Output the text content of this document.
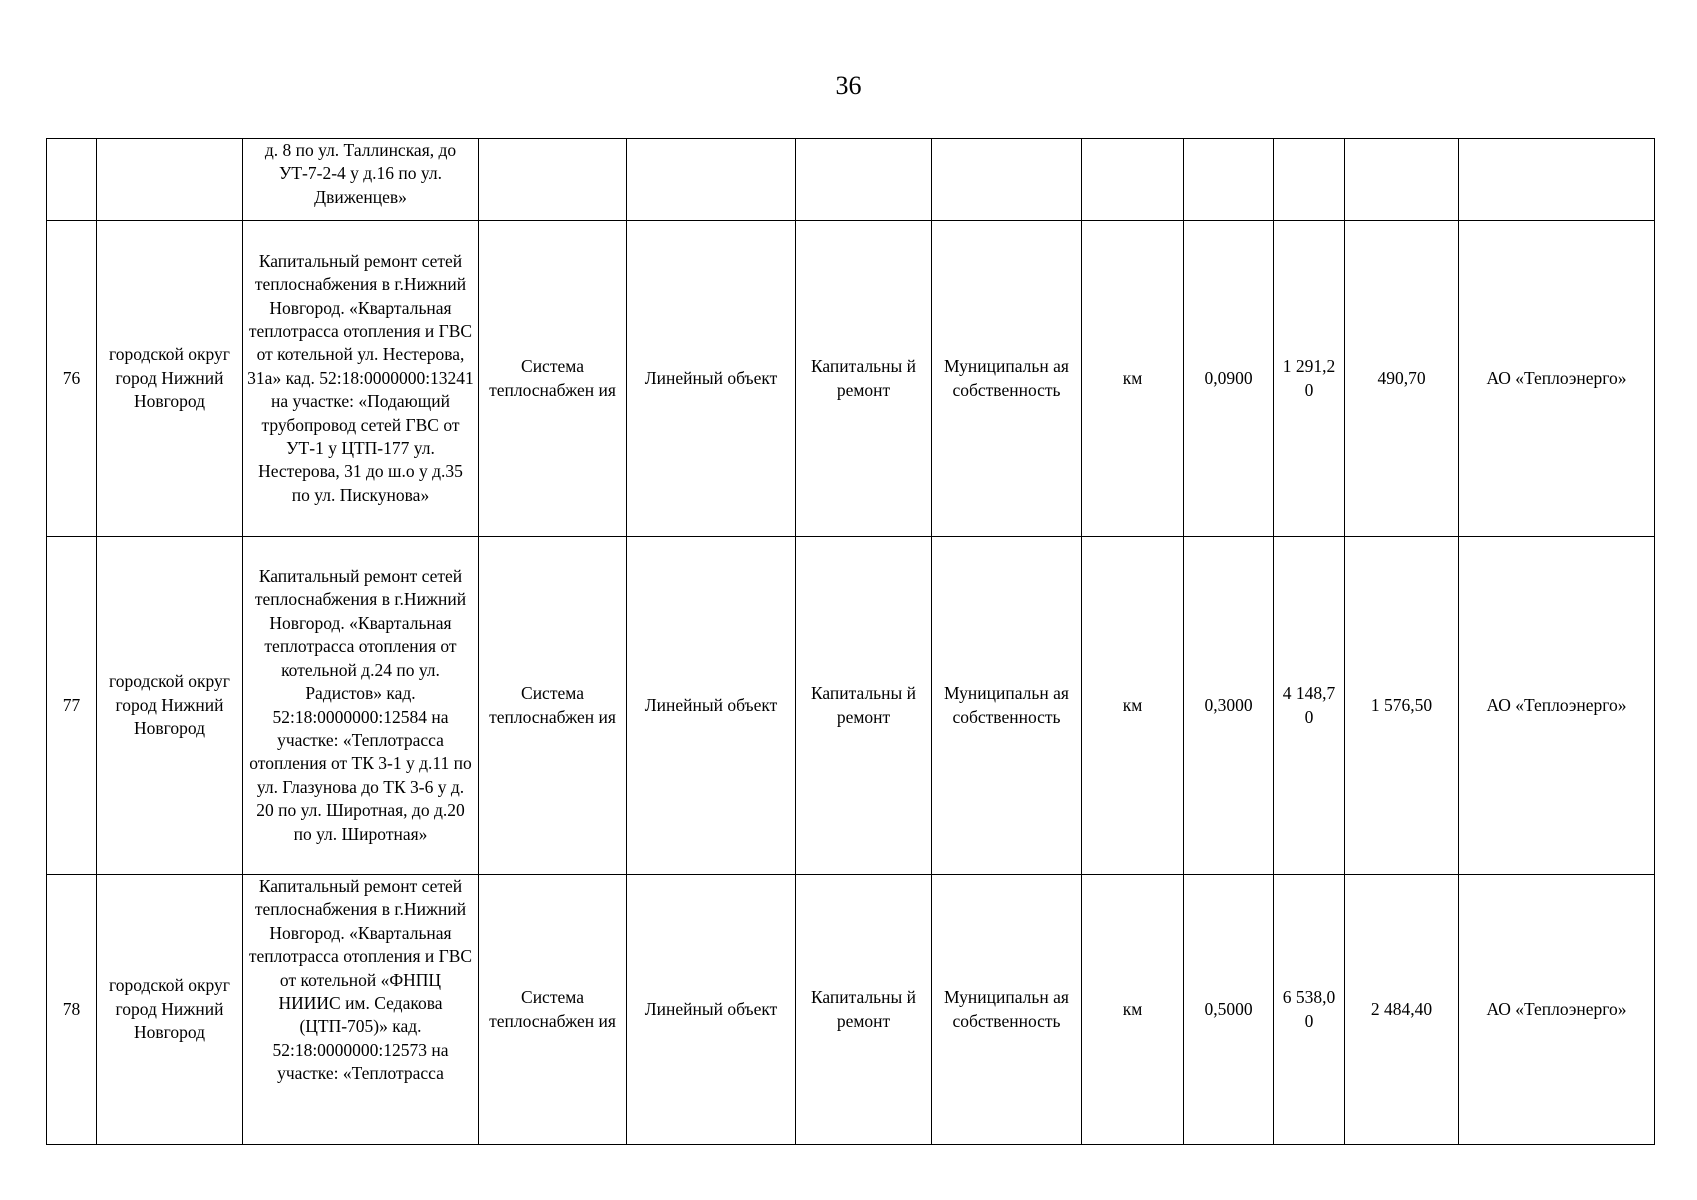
36

		д. 8 по ул. Таллинская, до УТ-7-2-4 у д.16 по ул. Движенцев»									

76	городской округ город Нижний Новгород	Капитальный ремонт сетей теплоснабжения в г.Нижний Новгород. «Квартальная теплотрасса отопления и ГВС от котельной ул. Нестерова, 31а» кад. 52:18:0000000:13241 на участке: «Подающий трубопровод сетей ГВС от УТ-1 у ЦТП-177 ул. Нестерова, 31 до ш.о у д.35 по ул. Пискунова»	Система теплоснабжен ия	Линейный объект	Капитальны й ремонт	Муниципальн ая собственность	км	0,0900	1 291,2 0	490,70	АО «Теплоэнерго»
77	городской округ город Нижний Новгород	Капитальный ремонт сетей теплоснабжения в г.Нижний Новгород. «Квартальная теплотрасса отопления от котельной д.24 по ул. Радистов» кад. 52:18:0000000:12584 на участке: «Теплотрасса отопления от ТК 3-1 у д.11 по ул. Глазунова до ТК 3-6 у д. 20 по ул. Широтная, до д.20 по ул. Широтная»	Система теплоснабжен ия	Линейный объект	Капитальны й ремонт	Муниципальн ая собственность	км	0,3000	4 148,7 0	1 576,50	АО «Теплоэнерго»
78	городской округ город Нижний Новгород	Капитальный ремонт сетей теплоснабжения в г.Нижний Новгород. «Квартальная теплотрасса отопления и ГВС от котельной «ФНПЦ НИИИС им. Седакова (ЦТП-705)» кад. 52:18:0000000:12573 на участке: «Теплотрасса	Система теплоснабжен ия	Линейный объект	Капитальны й ремонт	Муниципальн ая собственность	км	0,5000	6 538,0 0	2 484,40	АО «Теплоэнерго»
